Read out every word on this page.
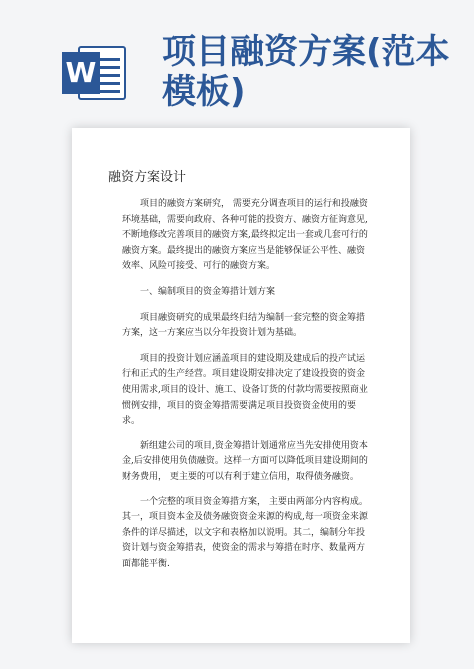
W
项目融资方案(范本模板)
融资方案设计

项目的融资方案研究， 需要充分调查项目的运行和投融资环境基础，需要向政府、各种可能的投资方、融资方征询意见,不断地修改完善项目的融资方案,最终拟定出一套或几套可行的融资方案。最终提出的融资方案应当是能够保证公平性、融资效率、风险可接受、可行的融资方案。

一、编制项目的资金筹措计划方案

项目融资研究的成果最终归结为编制一套完整的资金筹措方案，这一方案应当以分年投资计划为基础。

项目的投资计划应涵盖项目的建设期及建成后的投产试运行和正式的生产经营。项目建设期安排决定了建设投资的资金使用需求,项目的设计、施工、设备订货的付款均需要按照商业惯例安排，项目的资金筹措需要满足项目投资资金使用的要求。

新组建公司的项目,资金筹措计划通常应当先安排使用资本金,后安排使用负债融资。这样一方面可以降低项目建设期间的财务费用， 更主要的可以有利于建立信用，取得债务融资。

一个完整的项目资金筹措方案， 主要由两部分内容构成。 其一，项目资本金及债务融资资金来源的构成,每一项资金来源条件的详尽描述，以文字和表格加以说明。其二，编制分年投资计划与资金筹措表，使资金的需求与筹措在时序、数量两方面都能平衡.
